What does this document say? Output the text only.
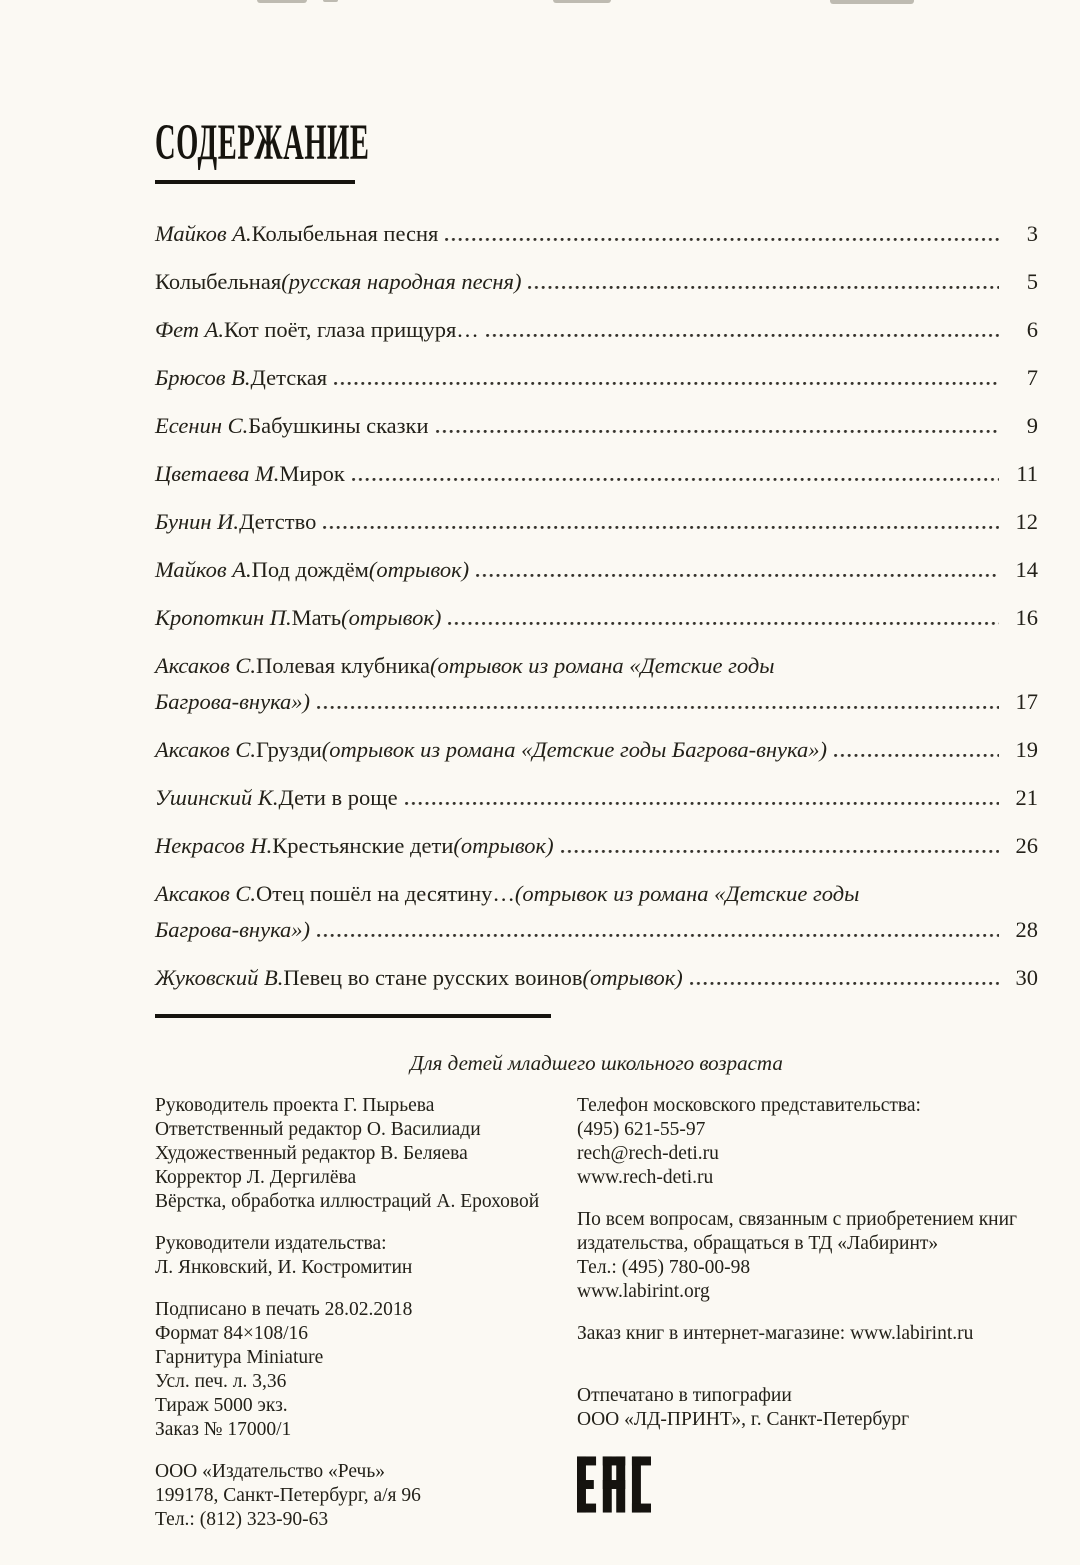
СОДЕРЖАНИЕ
Майков А. Колыбельная песня	3
Колыбельная (русская народная песня)	5
Фет А. Кот поёт, глаза прищуря…	6
Брюсов В. Детская	7
Есенин С. Бабушкины сказки	9
Цветаева М. Мирок	11
Бунин И. Детство	12
Майков А. Под дождём (отрывок)	14
Кропоткин П. Мать (отрывок)	16
Аксаков С. Полевая клубника (отрывок из романа «Детские годы
Багрова-внука»)	17
Аксаков С. Грузди (отрывок из романа «Детские годы Багрова-внука»)	19
Ушинский К. Дети в роще	21
Некрасов Н. Крестьянские дети (отрывок)	26
Аксаков С. Отец пошёл на десятину… (отрывок из романа «Детские годы
Багрова-внука»)	28
Жуковский В. Певец во стане русских воинов (отрывок)	30
Для детей младшего школьного возраста
Руководитель проекта Г. Пырьева
Ответственный редактор О. Василиади
Художественный редактор В. Беляева
Корректор Л. Дергилёва
Вёрстка, обработка иллюстраций А. Ероховой
Руководители издательства:
Л. Янковский, И. Костромитин
Подписано в печать 28.02.2018
Формат 84×108/16
Гарнитура Miniature
Усл. печ. л. 3,36
Тираж 5000 экз.
Заказ № 17000/1
ООО «Издательство «Речь»
199178, Санкт-Петербург, а/я 96
Тел.: (812) 323-90-63
Телефон московского представительства:
(495) 621-55-97
rech@rech-deti.ru
www.rech-deti.ru
По всем вопросам, связанным с приобретением книг
издательства, обращаться в ТД «Лабиринт»
Тел.: (495) 780-00-98
www.labirint.org
Заказ книг в интернет-магазине: www.labirint.ru
Отпечатано в типографии
ООО «ЛД-ПРИНТ», г. Санкт-Петербург
